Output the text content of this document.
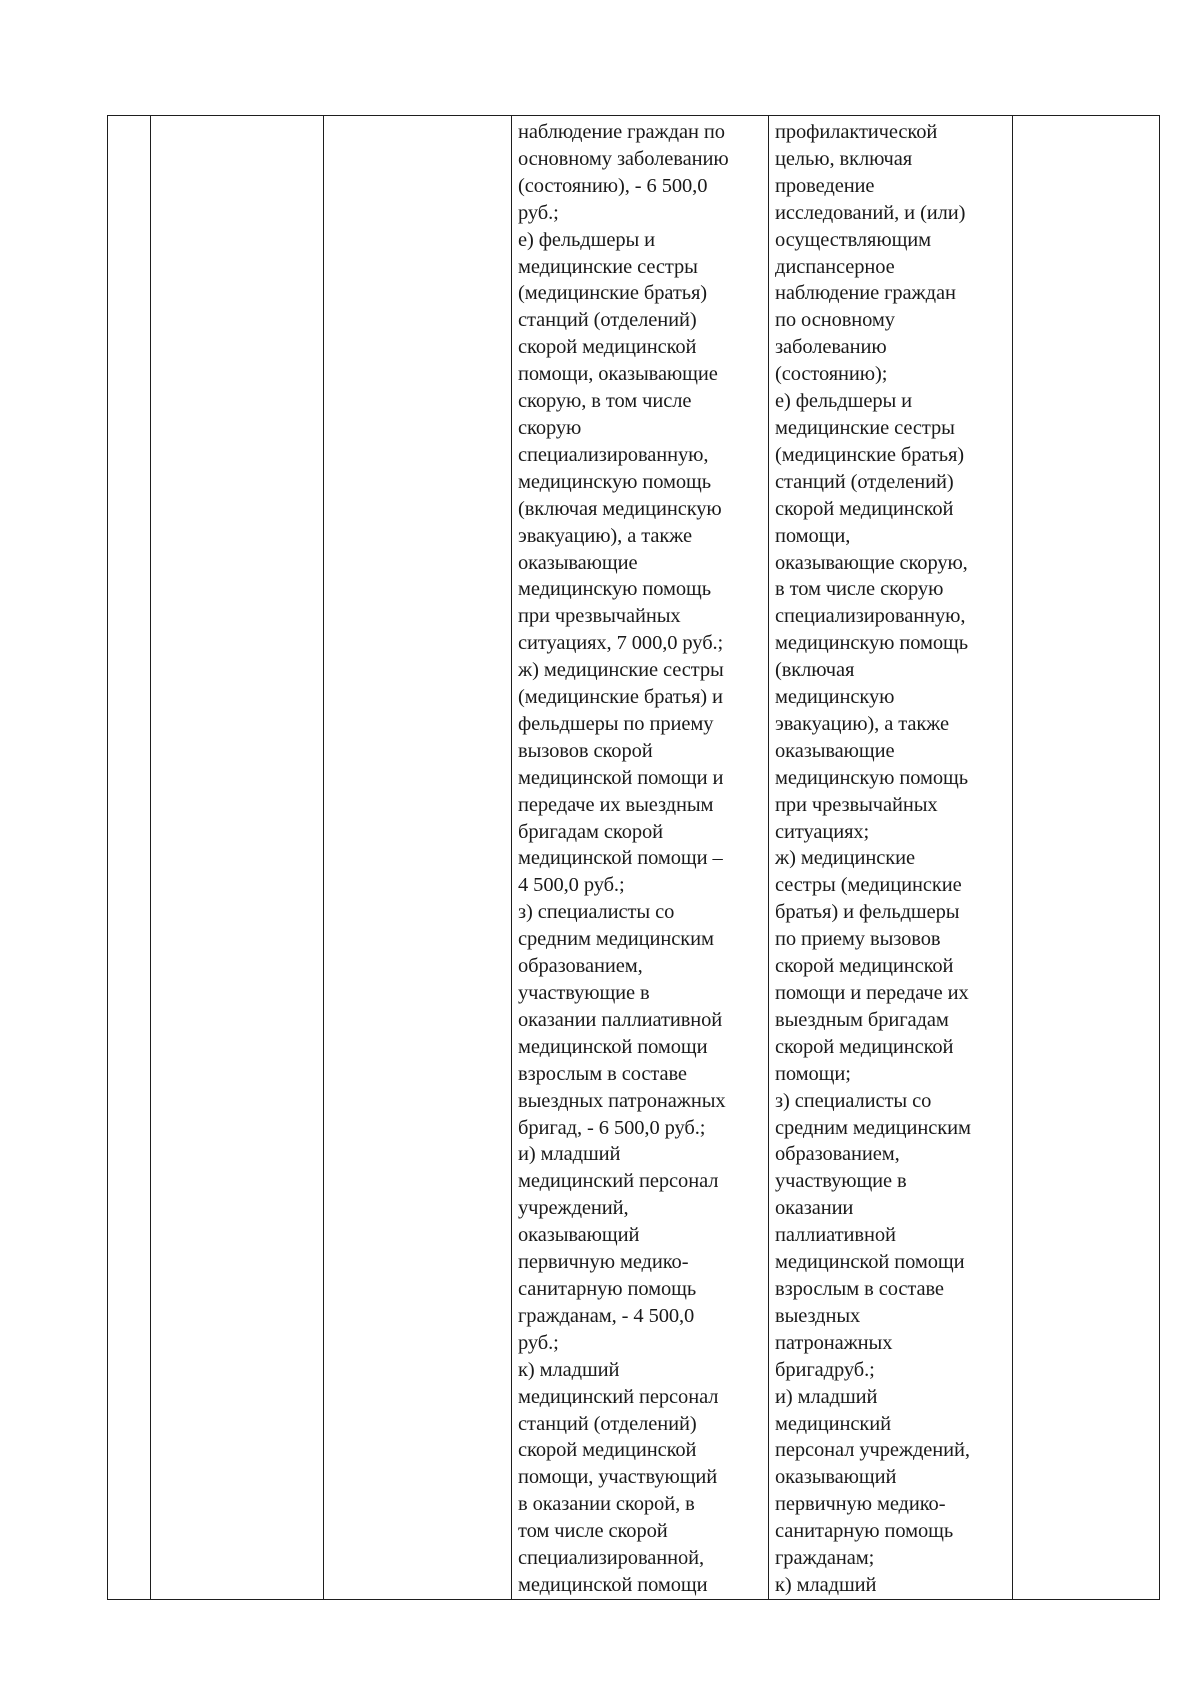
наблюдение граждан по
основному заболеванию
(состоянию), - 6 500,0
руб.;
е) фельдшеры и
медицинские сестры
(медицинские братья)
станций (отделений)
скорой медицинской
помощи, оказывающие
скорую, в том числе
скорую
специализированную,
медицинскую помощь
(включая медицинскую
эвакуацию), а также
оказывающие
медицинскую помощь
при чрезвычайных
ситуациях, 7 000,0 руб.;
ж) медицинские сестры
(медицинские братья) и
фельдшеры по приему
вызовов скорой
медицинской помощи и
передаче их выездным
бригадам скорой
медицинской помощи –
4 500,0 руб.;
з) специалисты со
средним медицинским
образованием,
участвующие в
оказании паллиативной
медицинской помощи
взрослым в составе
выездных патронажных
бригад, - 6 500,0 руб.;
и) младший
медицинский персонал
учреждений,
оказывающий
первичную медико-
санитарную помощь
гражданам, - 4 500,0
руб.;
к) младший
медицинский персонал
станций (отделений)
скорой медицинской
помощи, участвующий
в оказании скорой, в
том числе скорой
специализированной,
медицинской помощи

профилактической
целью, включая
проведение
исследований, и (или)
осуществляющим
диспансерное
наблюдение граждан
по основному
заболеванию
(состоянию);
е) фельдшеры и
медицинские сестры
(медицинские братья)
станций (отделений)
скорой медицинской
помощи,
оказывающие скорую,
в том числе скорую
специализированную,
медицинскую помощь
(включая
медицинскую
эвакуацию), а также
оказывающие
медицинскую помощь
при чрезвычайных
ситуациях;
ж) медицинские
сестры (медицинские
братья) и фельдшеры
по приему вызовов
скорой медицинской
помощи и передаче их
выездным бригадам
скорой медицинской
помощи;
з) специалисты со
средним медицинским
образованием,
участвующие в
оказании
паллиативной
медицинской помощи
взрослым в составе
выездных
патронажных
бригадруб.;
и) младший
медицинский
персонал учреждений,
оказывающий
первичную медико-
санитарную помощь
гражданам;
к) младший
